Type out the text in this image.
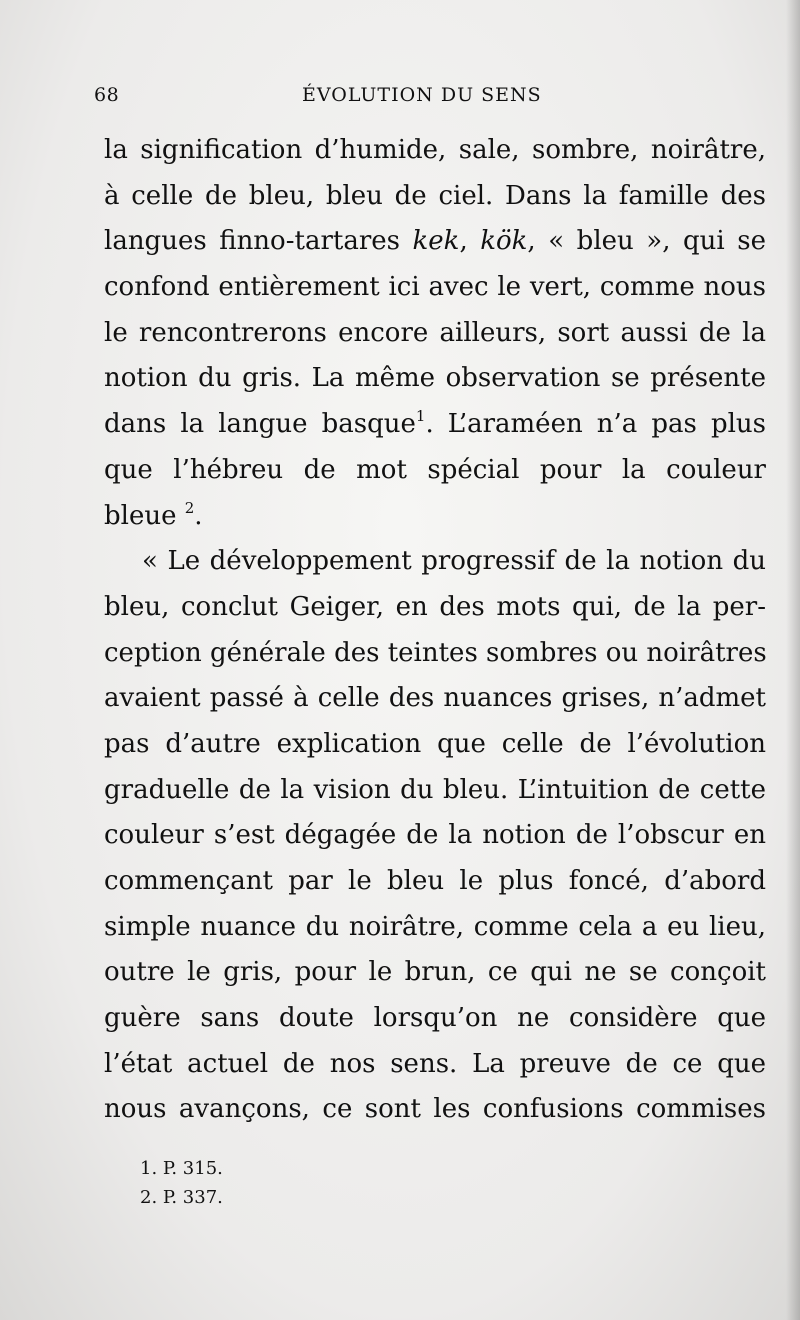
68	ÉVOLUTION DU SENS
la signification d’humide, sale, sombre, noirâtre,
à celle de bleu, bleu de ciel. Dans la famille des
langues finno-tartares kek, kök, « bleu », qui se
confond entièrement ici avec le vert, comme nous
le rencontrerons encore ailleurs, sort aussi de la
notion du gris. La même observation se présente
dans la langue basque$^1$. L’araméen n’a pas plus
que l’hébreu de mot spécial pour la couleur
bleue $^2$.
« Le développement progressif de la notion du
bleu, conclut Geiger, en des mots qui, de la per-
ception générale des teintes sombres ou noirâtres
avaient passé à celle des nuances grises, n’admet
pas d’autre explication que celle de l’évolution
graduelle de la vision du bleu. L’intuition de cette
couleur s’est dégagée de la notion de l’obscur en
commençant par le bleu le plus foncé, d’abord
simple nuance du noirâtre, comme cela a eu lieu,
outre le gris, pour le brun, ce qui ne se conçoit
guère sans doute lorsqu’on ne considère que
l’état actuel de nos sens. La preuve de ce que
nous avançons, ce sont les confusions commises
1. P. 315.
2. P. 337.
